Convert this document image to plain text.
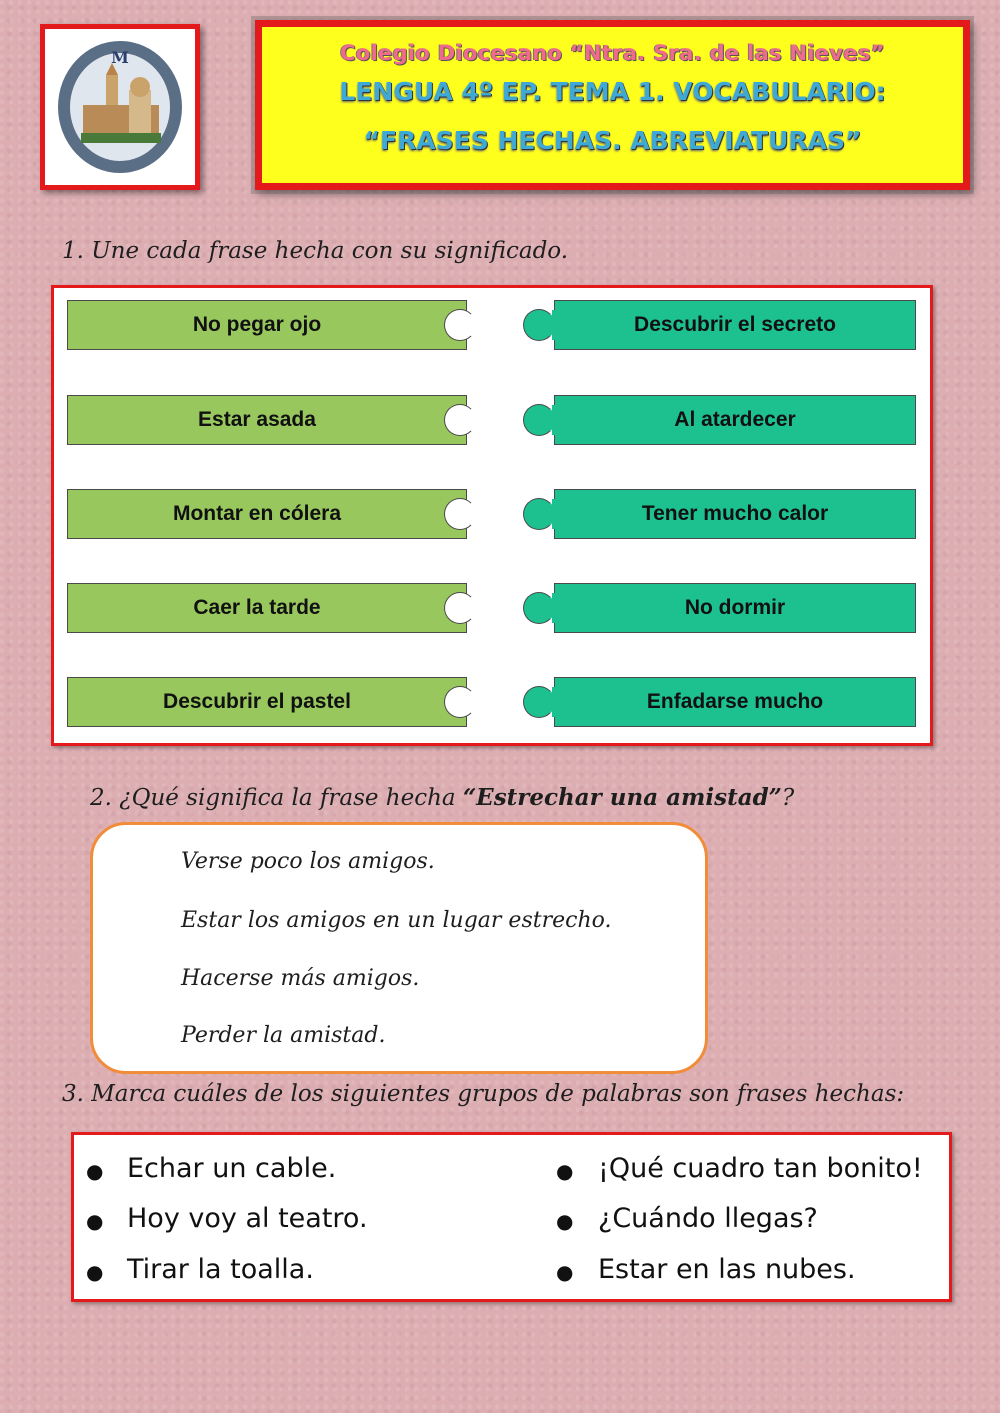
M	Colegio Diocesano “Ntra. Sra. de las Nieves”
LENGUA 4º EP. TEMA 1. VOCABULARIO:
“FRASES HECHAS. ABREVIATURAS”
1. Une cada frase hecha con su significado.
No pegar ojo
Estar asada
Montar en cólera
Caer la tarde
Descubrir el pastel
Descubrir el secreto
Al atardecer
Tener mucho calor
No dormir
Enfadarse mucho
2. ¿Qué significa la frase hecha “Estrechar una amistad”?
Verse poco los amigos.
Estar los amigos en un lugar estrecho.
Hacerse más amigos.
Perder la amistad.
3. Marca cuáles de los siguientes grupos de palabras son frases hechas:
● Echar un cable.
● Hoy voy al teatro.
● Tirar la toalla.
● ¡Qué cuadro tan bonito!
● ¿Cuándo llegas?
● Estar en las nubes.
